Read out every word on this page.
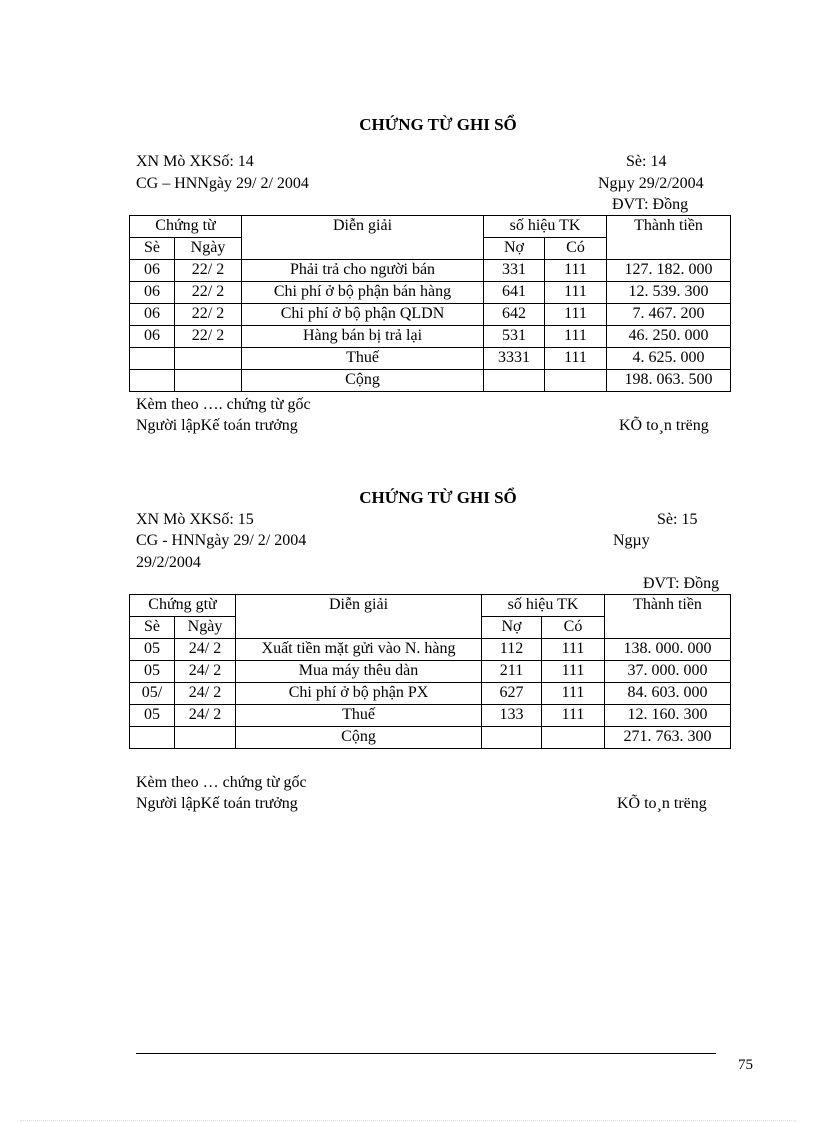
CHỨNG TỪ GHI SỔ
XN Mò XKSố: 14	Sè: 14
CG – HNNgày 29/ 2/ 2004	Ngµy 29/2/2004
ĐVT: Đồng
Chứng từ		Diễn giải	số hiệu TK		Thành tiền
Sè	Ngày		Nợ	Có	
06	22/ 2	Phải trả cho người bán	331	111	127. 182. 000
06	22/ 2	Chi phí ở bộ phận bán hàng	641	111	12. 539. 300
06	22/ 2	Chi phí ở bộ phận QLDN	642	111	7. 467. 200
06	22/ 2	Hàng bán bị trả lại	531	111	46. 250. 000
		Thuế	3331	111	4. 625. 000
		Cộng			198. 063. 500
Kèm theo …. chứng từ gốc
Người lậpKế toán trưởng	KÕ to¸n trëng
CHỨNG TỪ GHI SỔ
XN Mò XKSố: 15	Sè: 15
CG - HNNgày 29/ 2/ 2004	Ngµy
29/2/2004
ĐVT: Đồng
Chứng gtừ		Diễn giải	số hiệu TK		Thành tiền
Sè	Ngày		Nợ	Có	
05	24/ 2	Xuất tiền mặt gửi vào N. hàng	112	111	138. 000. 000
05	24/ 2	Mua máy thêu dàn	211	111	37. 000. 000
05/	24/ 2	Chi phí ở bộ phận PX	627	111	84. 603. 000
05	24/ 2	Thuế	133	111	12. 160. 300
		Cộng			271. 763. 300
Kèm theo … chứng từ gốc
Người lậpKế toán trưởng	KÕ to¸n trëng
75
